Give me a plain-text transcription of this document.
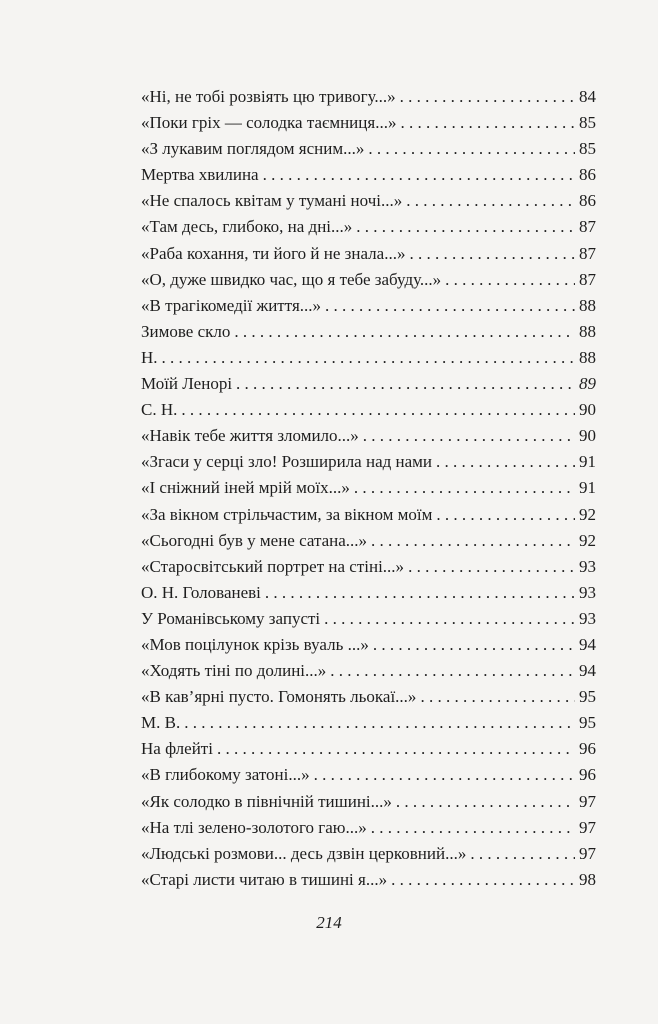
«Ні, не тобі розвіять цю тривогу...» . . .	84
«Поки гріх — солодка таємниця...» . . .	85
«З лукавим поглядом ясним...» . . .	85
Мертва хвилина . . .	86
«Не спалось квітам у тумані ночі...» . . .	86
«Там десь, глибоко, на дні...» . . .	87
«Раба кохання, ти його й не знала...» . . .	87
«О, дуже швидко час, що я тебе забуду...» . . .	87
«В трагікомедії життя...» . . .	88
Зимове скло . . .	88
Н. . . .	88
Моїй Ленорі . . .	89
С. Н. . . .	90
«Навік тебе життя зломило...» . . .	90
«Згаси у серці зло! Розширила над нами . . .	91
«І сніжний іней мрій моїх...» . . .	91
«За вікном стрільчастим, за вікном моїм . . .	92
«Сьогодні був у мене сатана...» . . .	92
«Старосвітський портрет на стіні...» . . .	93
О. Н. Голованеві . . .	93
У Романівському запусті . . .	93
«Мов поцілунок крізь вуаль ...» . . .	94
«Ходять тіні по долині...» . . .	94
«В кав’ярні пусто. Гомонять льокаї...» . . .	95
М. В. . . .	95
На флейті . . .	96
«В глибокому затоні...» . . .	96
«Як солодко в північній тишині...» . . .	97
«На тлі зелено-золотого гаю...» . . .	97
«Людські розмови... десь дзвін церковний...» . . .	97
«Старі листи читаю в тишині я...» . . .	98
214
